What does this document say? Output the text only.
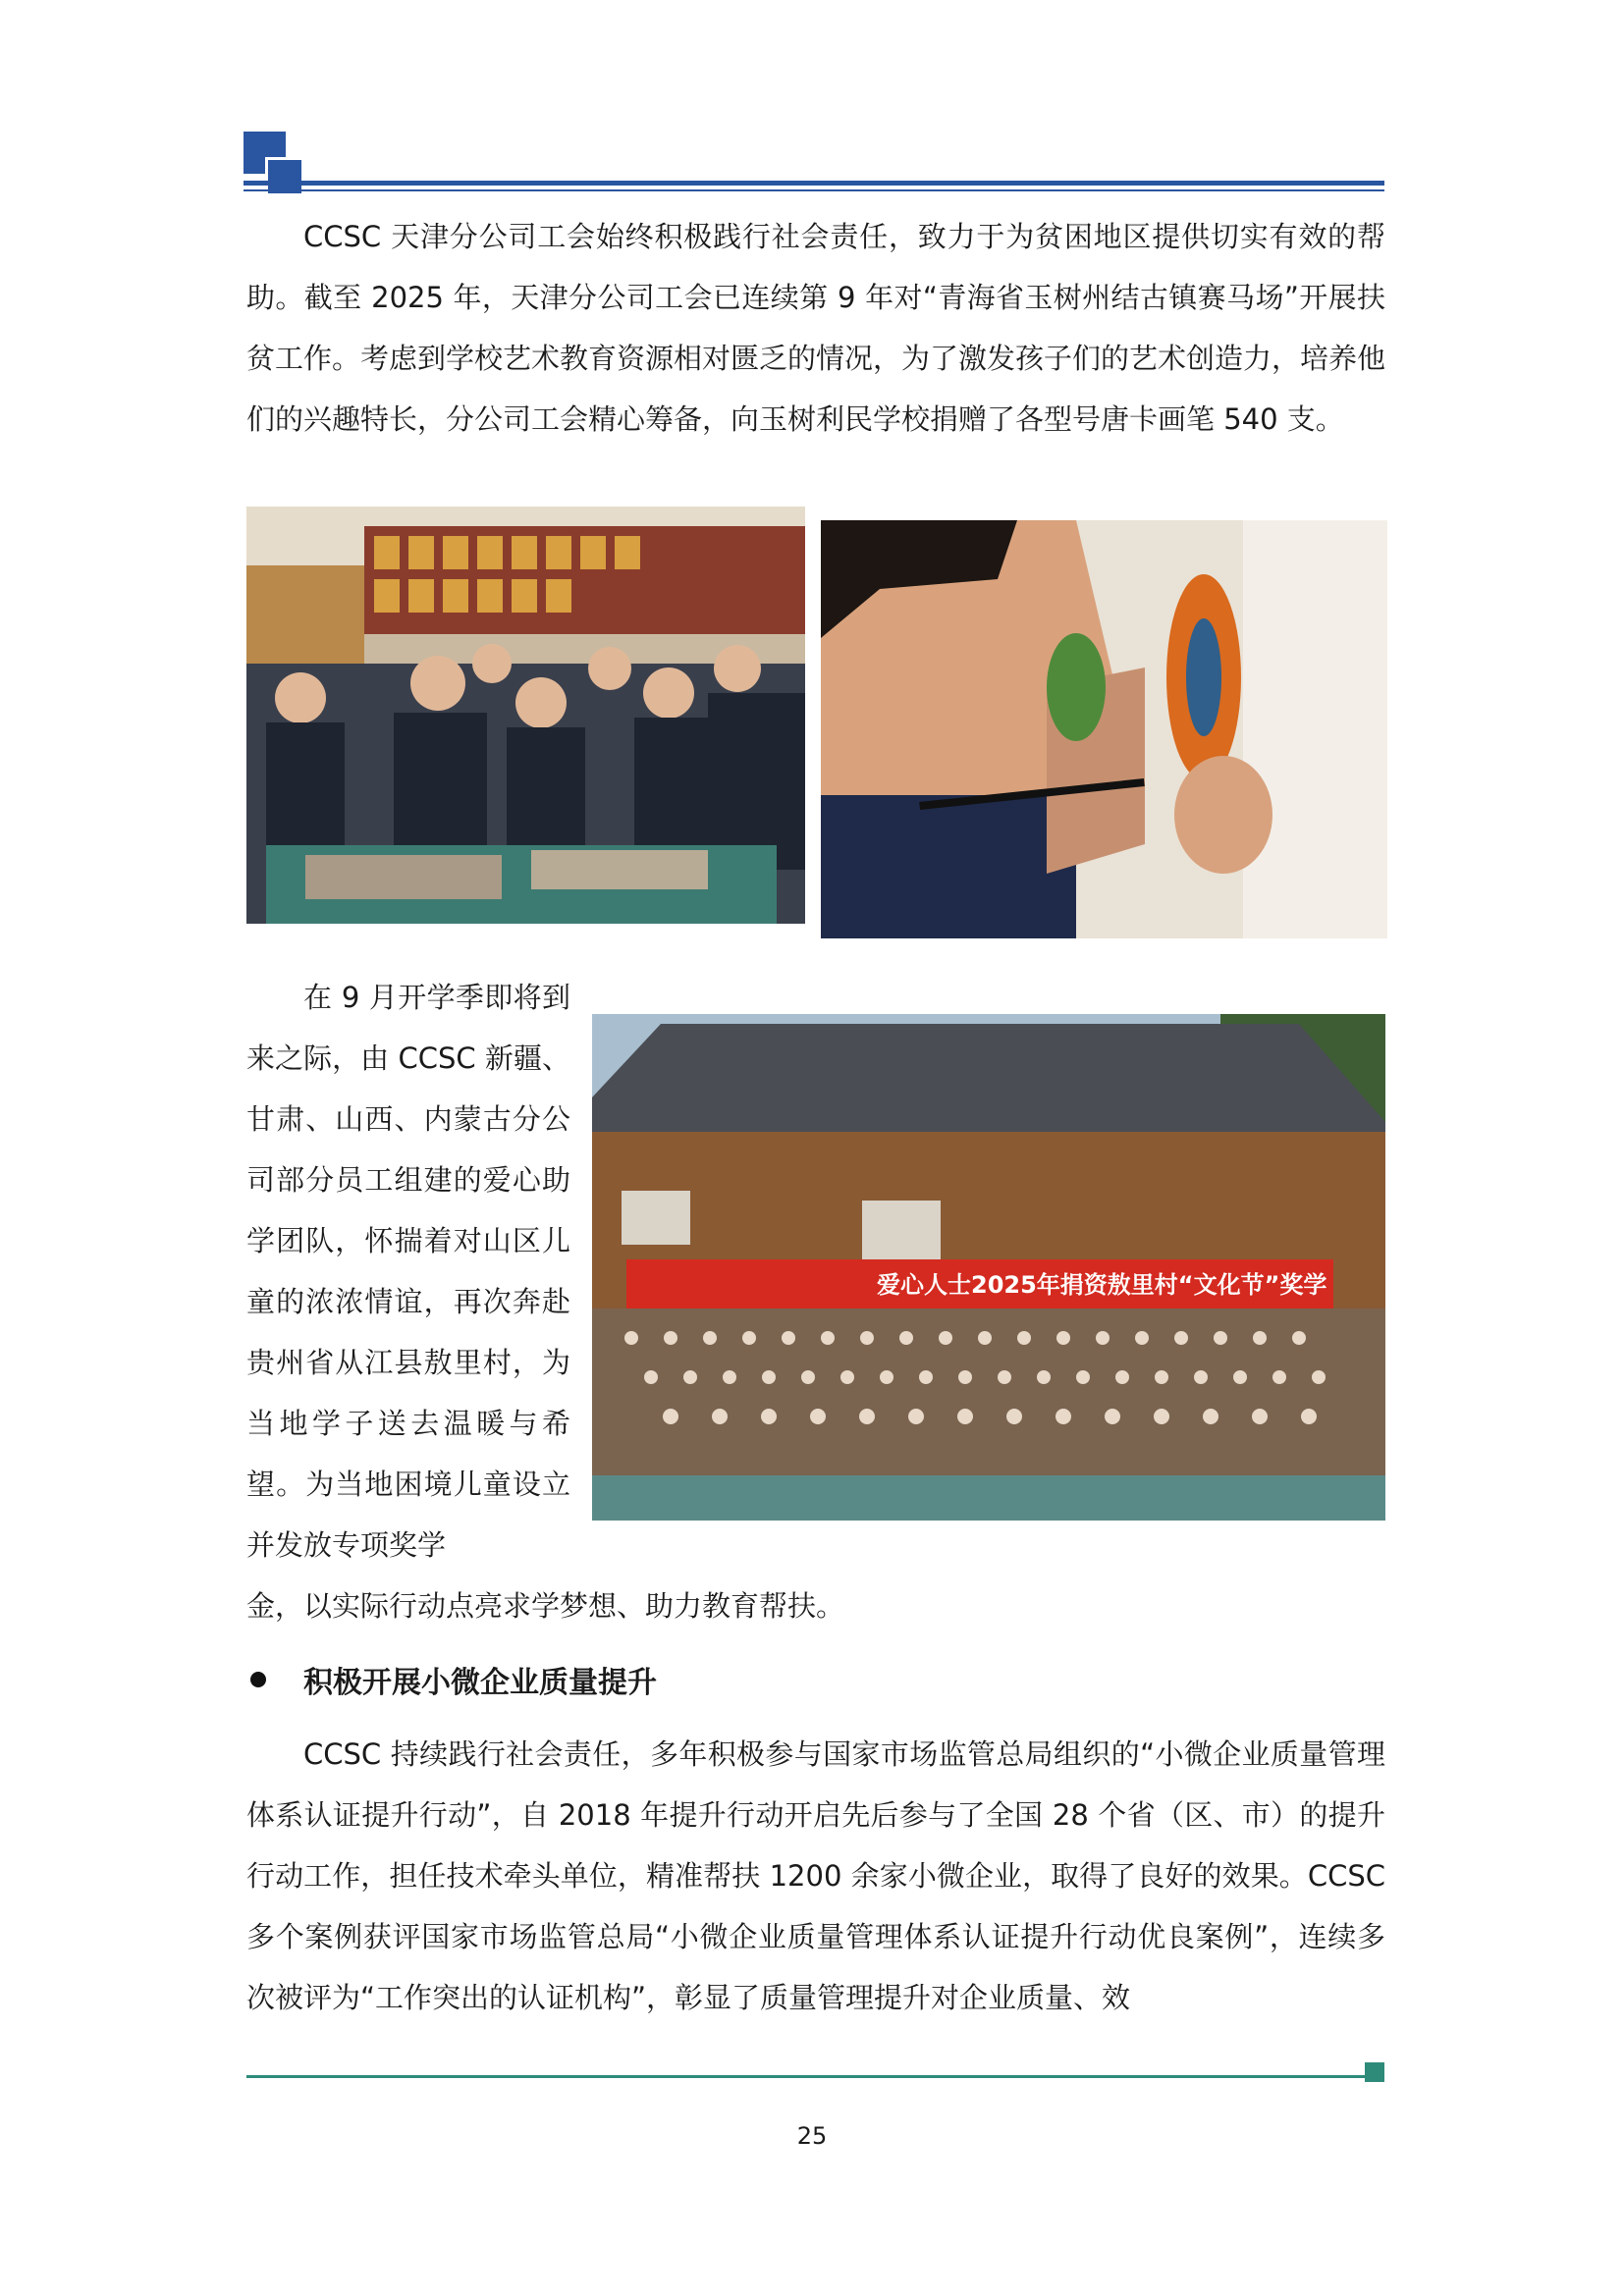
CCSC 天津分公司工会始终积极践行社会责任，致力于为贫困地区提供切实有效的帮助。截至 2025 年，天津分公司工会已连续第 9 年对“青海省玉树州结古镇赛马场”开展扶贫工作。考虑到学校艺术教育资源相对匮乏的情况，为了激发孩子们的艺术创造力，培养他们的兴趣特长，分公司工会精心筹备，向玉树利民学校捐赠了各型号唐卡画笔 540 支。

在 9 月开学季即将到来之际，由 CCSC 新疆、甘肃、山西、内蒙古分公司部分员工组建的爱心助学团队，怀揣着对山区儿童的浓浓情谊，再次奔赴贵州省从江县敖里村，为当地学子送去温暖与希望。为当地困境儿童设立并发放专项奖学

爱心人士2025年捐资敖里村“文化节”奖学

金，以实际行动点亮求学梦想、助力教育帮扶。

积极开展小微企业质量提升

CCSC 持续践行社会责任，多年积极参与国家市场监管总局组织的“小微企业质量管理体系认证提升行动”，自 2018 年提升行动开启先后参与了全国 28 个省（区、市）的提升行动工作，担任技术牵头单位，精准帮扶 1200 余家小微企业，取得了良好的效果。CCSC 多个案例获评国家市场监管总局“小微企业质量管理体系认证提升行动优良案例”，连续多次被评为“工作突出的认证机构”，彰显了质量管理提升对企业质量、效

25
